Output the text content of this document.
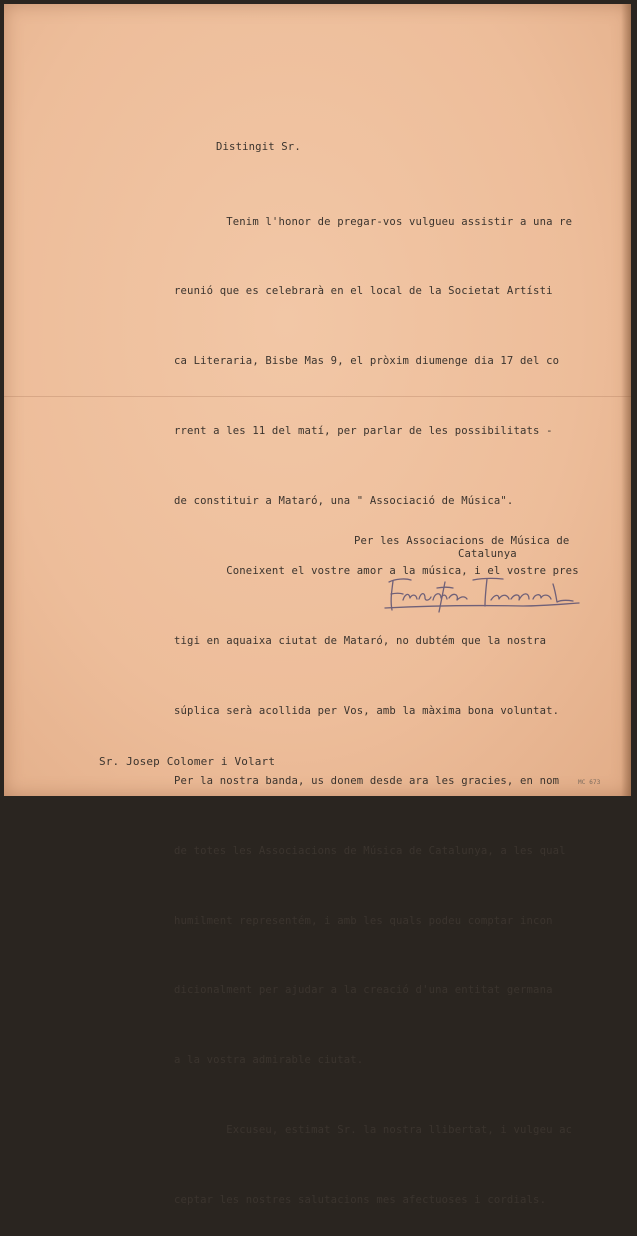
Distingit Sr.

Tenim l'honor de pregar-vos vulgueu assistir a una re

reunió que es celebrarà en el local de la Societat Artísti

ca Literaria, Bisbe Mas 9, el pròxim diumenge dia 17 del co

rrent a les 11 del matí, per parlar de les possibilitats -

de constituir a Mataró, una " Associació de Música".

Coneixent el vostre amor a la música, i el vostre pres

tigi en aquaixa ciutat de Mataró, no dubtém que la nostra

súplica serà acollida per Vos, amb la màxima bona voluntat.

Per la nostra banda, us donem desde ara les gracies, en nom

de totes les Associacions de Música de Catalunya, a les qual

humilment representém, i amb les quals podeu comptar incon

dicionalment per ajudar a la creació d'una entitat germana

a la vostra admirable ciutat.

Excuseu, estimat Sr. la nostra llibertat, i vulgeu ac

ceptar les nostres salutacions mes afectuoses i cordials.

Per les Associacions de Música de
Catalunya
Sr. Josep Colomer i Volart
MC 673
